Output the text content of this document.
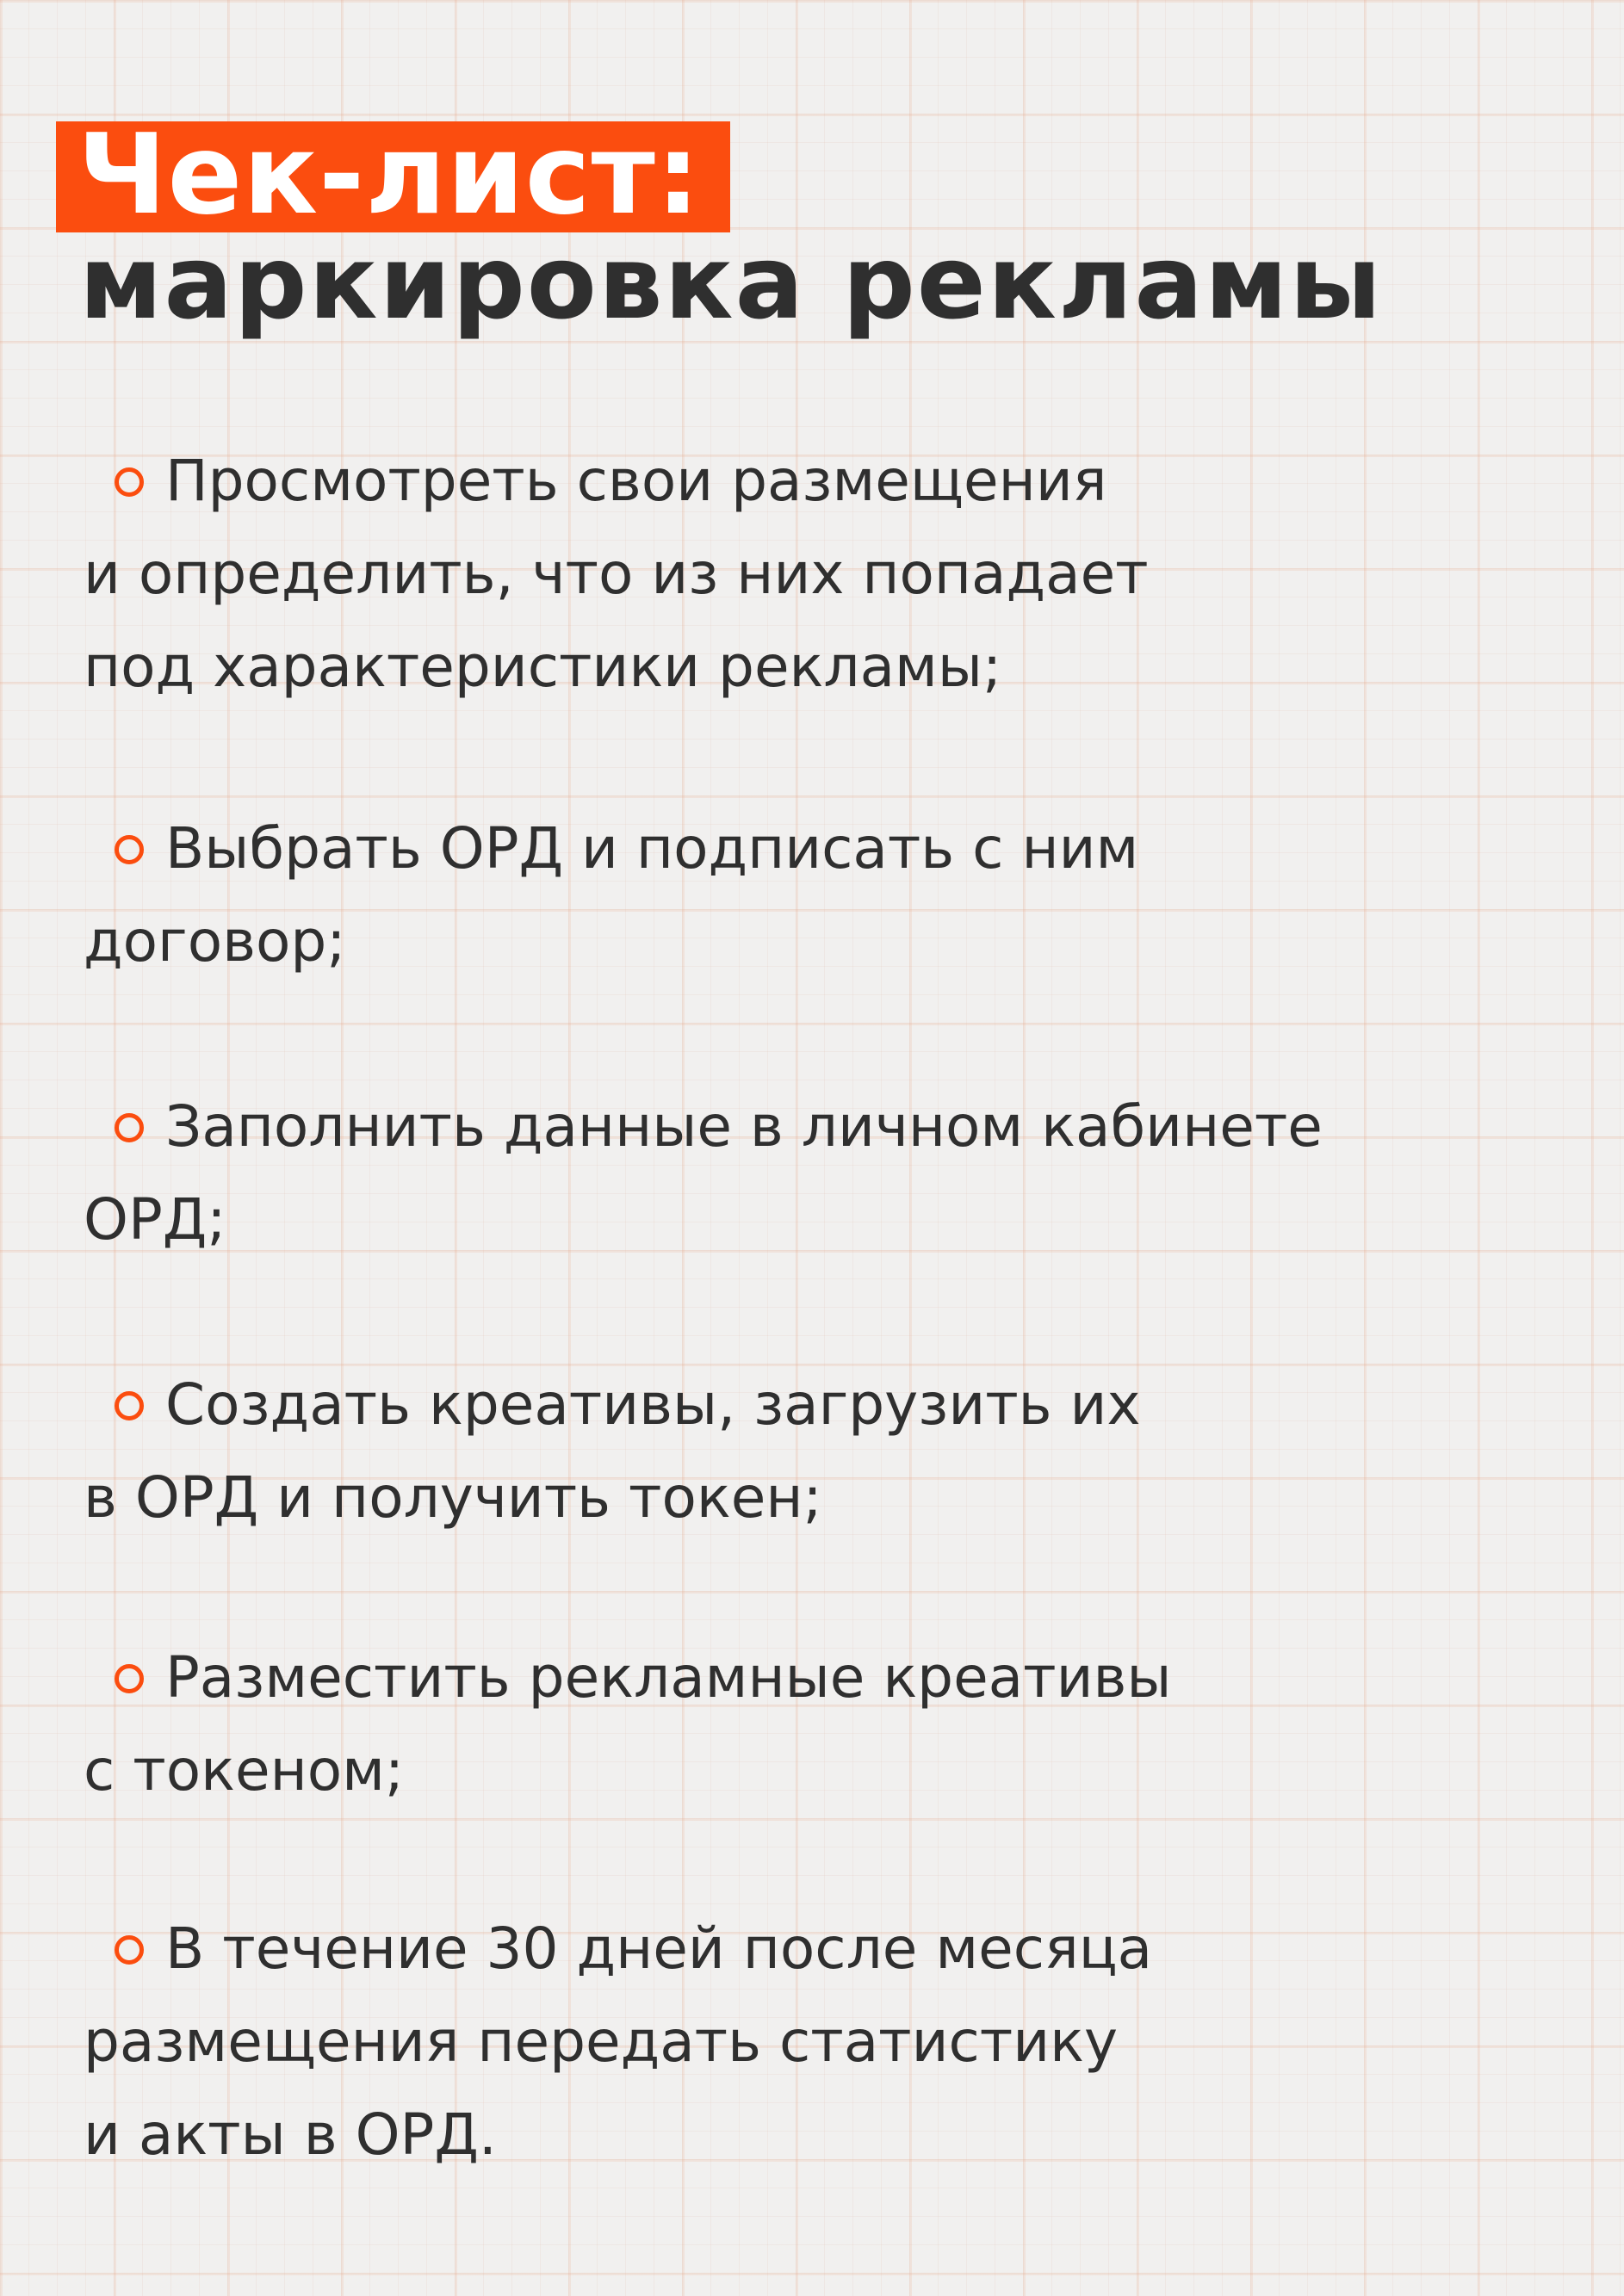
Чек-лист:
маркировка рекламы
Просмотреть свои размещения
и определить, что из них попадает
под характеристики рекламы;
Выбрать ОРД и подписать с ним
договор;
Заполнить данные в личном кабинете
ОРД;
Создать креативы, загрузить их
в ОРД и получить токен;
Разместить рекламные креативы
с токеном;
В течение 30 дней после месяца
размещения передать статистику
и акты в ОРД.
